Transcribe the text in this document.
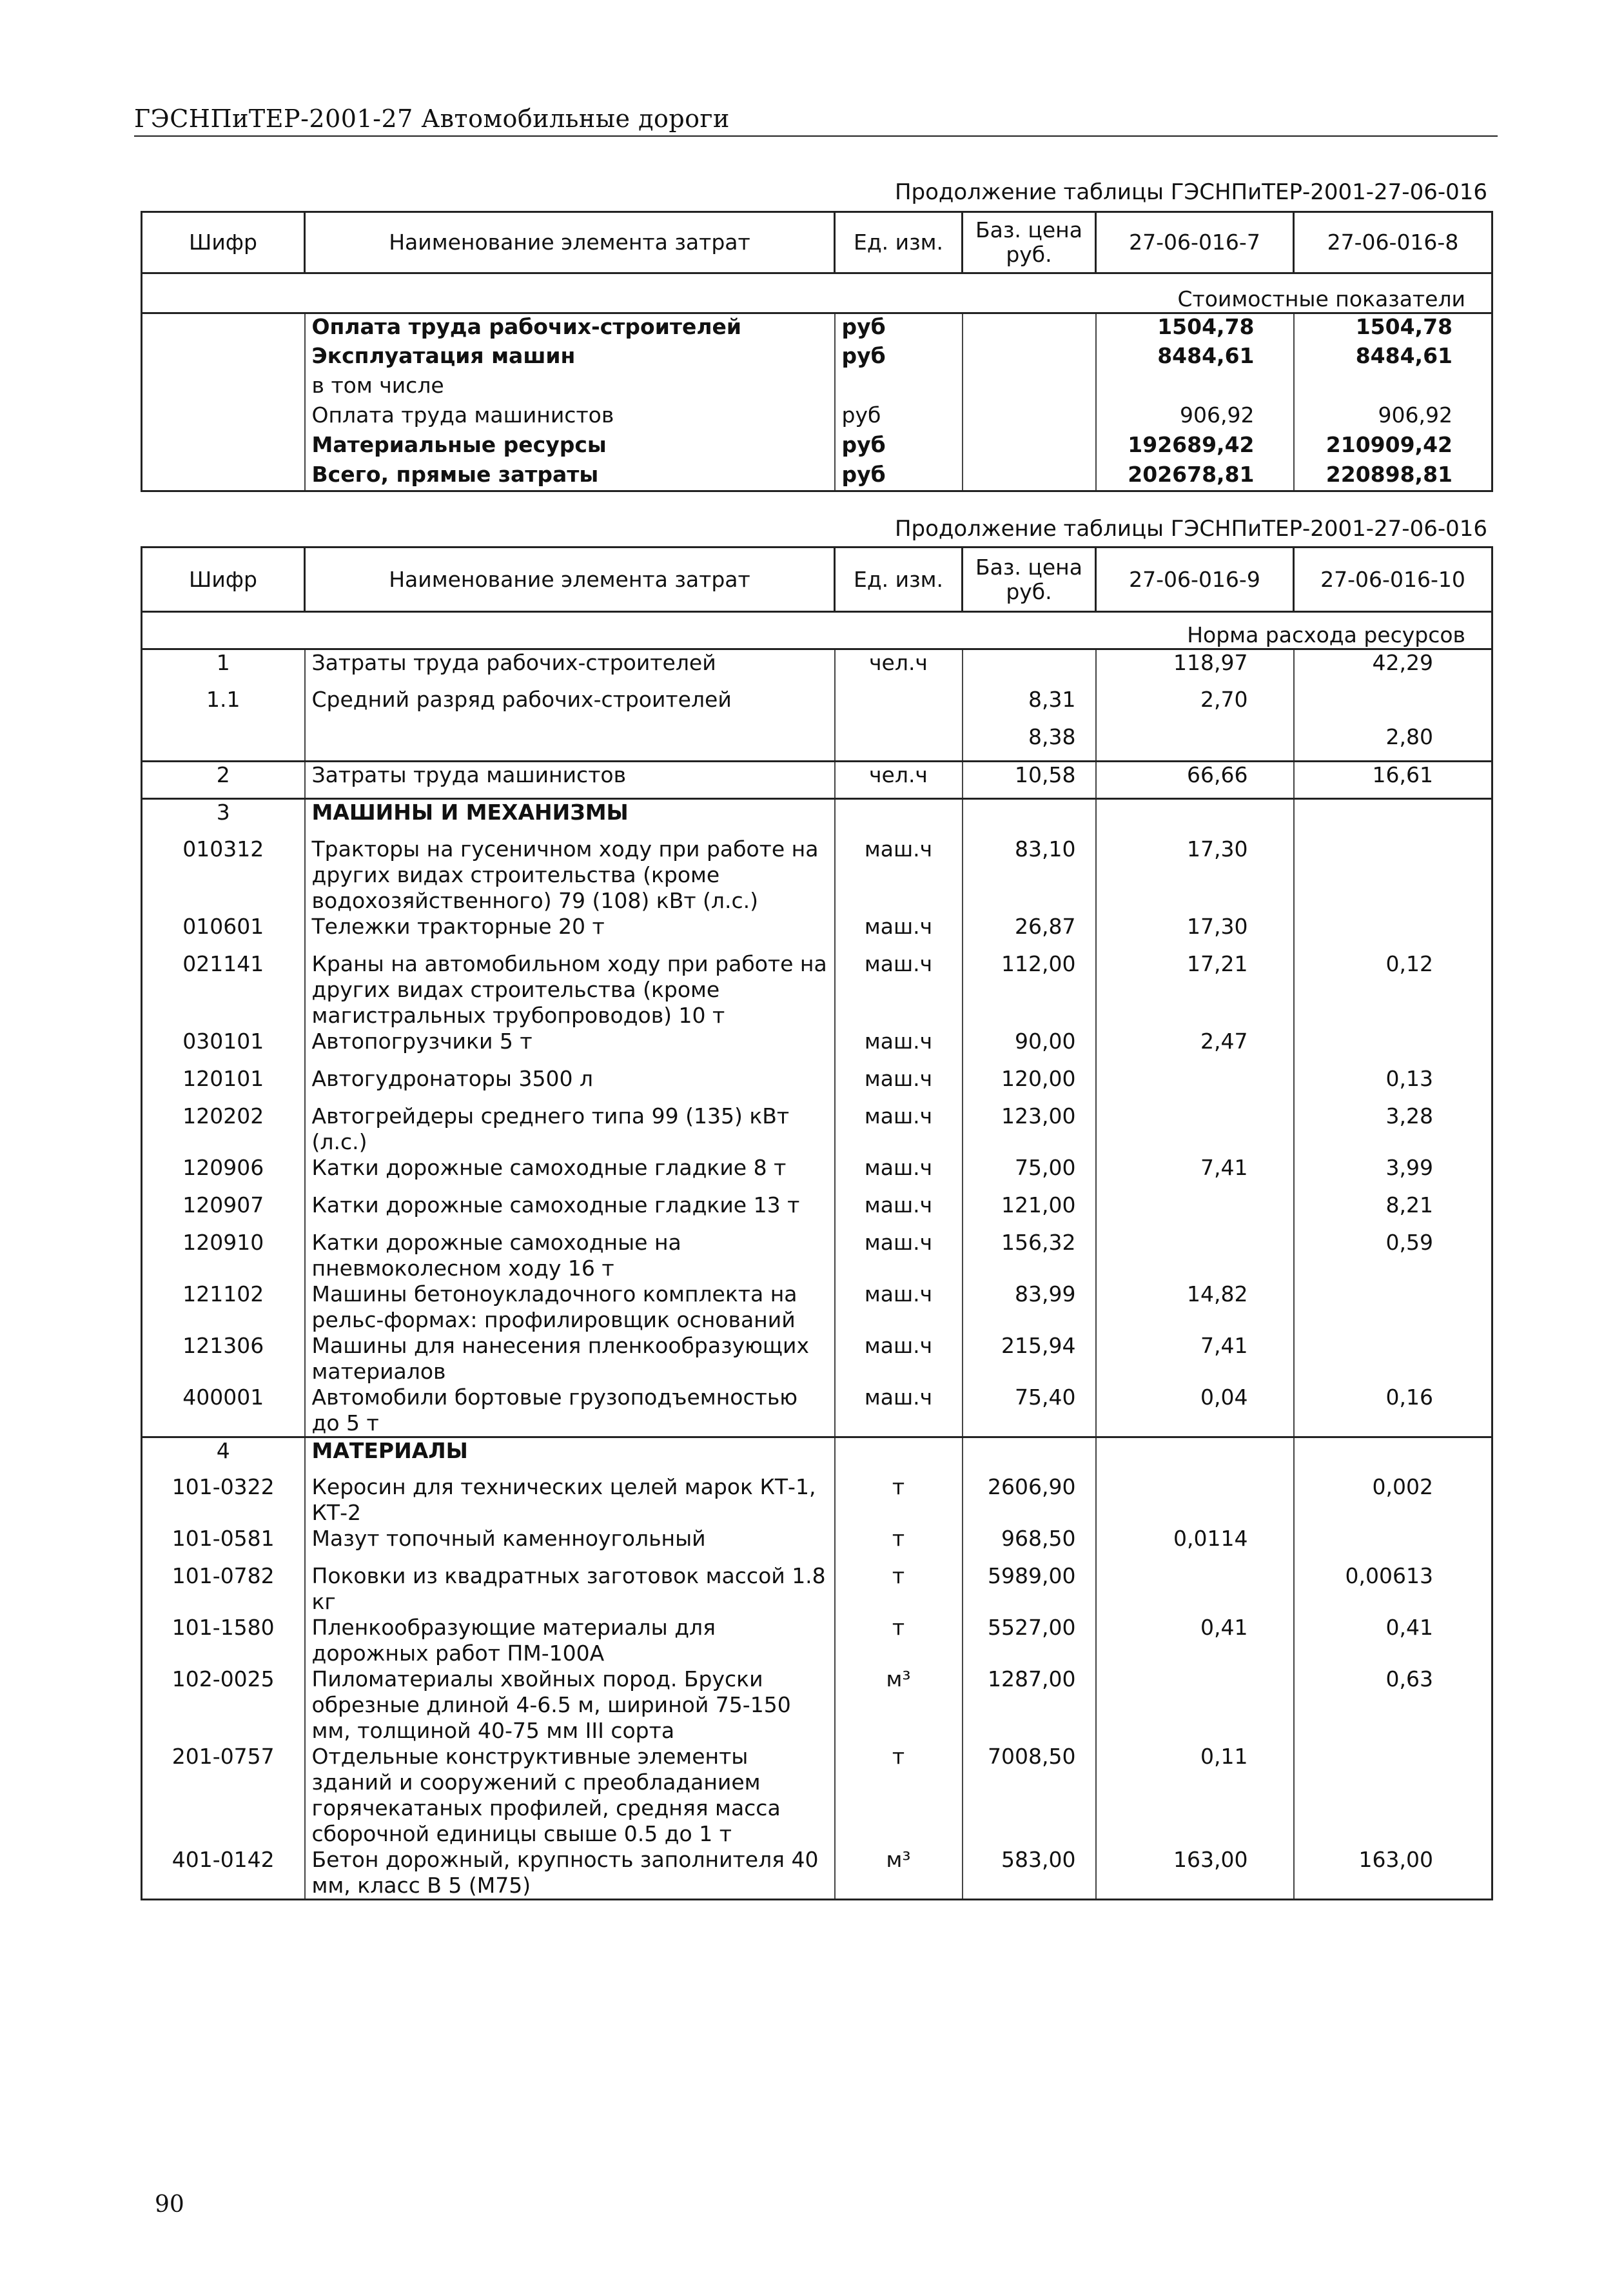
ГЭСНПиТЕР-2001-27 Автомобильные дороги
Продолжение таблицы ГЭСНПиТЕР-2001-27-06-016
Шифр	Наименование элемента затрат	Ед. изм.	Баз. цена руб.	27-06-016-7	27-06-016-8
Стоимостные показатели					
	Оплата труда рабочих-строителей	руб		1504,78	1504,78
	Эксплуатация машин	руб		8484,61	8484,61
	в том числе				
	Оплата труда машинистов	руб		906,92	906,92
	Материальные ресурсы	руб		192689,42	210909,42
	Всего, прямые затраты	руб		202678,81	220898,81
Продолжение таблицы ГЭСНПиТЕР-2001-27-06-016
Шифр	Наименование элемента затрат	Ед. изм.	Баз. цена руб.	27-06-016-9	27-06-016-10
Норма расхода ресурсов					
1	Затраты труда рабочих-строителей	чел.ч		118,97	42,29
1.1	Средний разряд рабочих-строителей		8,31	2,70	
			8,38		2,80
2	Затраты труда машинистов	чел.ч	10,58	66,66	16,61
3	МАШИНЫ И МЕХАНИЗМЫ				
010312	Тракторы на гусеничном ходу при работе на других видах строительства (кроме водохозяйственного) 79 (108) кВт (л.с.)	маш.ч	83,10	17,30	
010601	Тележки тракторные 20 т	маш.ч	26,87	17,30	
021141	Краны на автомобильном ходу при работе на других видах строительства (кроме магистральных трубопроводов) 10 т	маш.ч	112,00	17,21	0,12
030101	Автопогрузчики 5 т	маш.ч	90,00	2,47	
120101	Автогудронаторы 3500 л	маш.ч	120,00		0,13
120202	Автогрейдеры среднего типа 99 (135) кВт (л.с.)	маш.ч	123,00		3,28
120906	Катки дорожные самоходные гладкие 8 т	маш.ч	75,00	7,41	3,99
120907	Катки дорожные самоходные гладкие 13 т	маш.ч	121,00		8,21
120910	Катки дорожные самоходные на пневмоколесном ходу 16 т	маш.ч	156,32		0,59
121102	Машины бетоноукладочного комплекта на рельс-формах: профилировщик оснований	маш.ч	83,99	14,82	
121306	Машины для нанесения пленкообразующих материалов	маш.ч	215,94	7,41	
400001	Автомобили бортовые грузоподъемностью до 5 т	маш.ч	75,40	0,04	0,16
4	МАТЕРИАЛЫ				
101-0322	Керосин для технических целей марок КТ-1, КТ-2	т	2606,90		0,002
101-0581	Мазут топочный каменноугольный	т	968,50	0,0114	
101-0782	Поковки из квадратных заготовок массой 1.8 кг	т	5989,00		0,00613
101-1580	Пленкообразующие материалы для дорожных работ ПМ-100А	т	5527,00	0,41	0,41
102-0025	Пиломатериалы хвойных пород. Бруски обрезные длиной 4-6.5 м, шириной 75-150 мм, толщиной 40-75 мм III сорта	м³	1287,00		0,63
201-0757	Отдельные конструктивные элементы зданий и сооружений с преобладанием горячекатаных профилей, средняя масса сборочной единицы свыше 0.5 до 1 т	т	7008,50	0,11	
401-0142	Бетон дорожный, крупность заполнителя 40 мм, класс В 5 (М75)	м³	583,00	163,00	163,00
90
